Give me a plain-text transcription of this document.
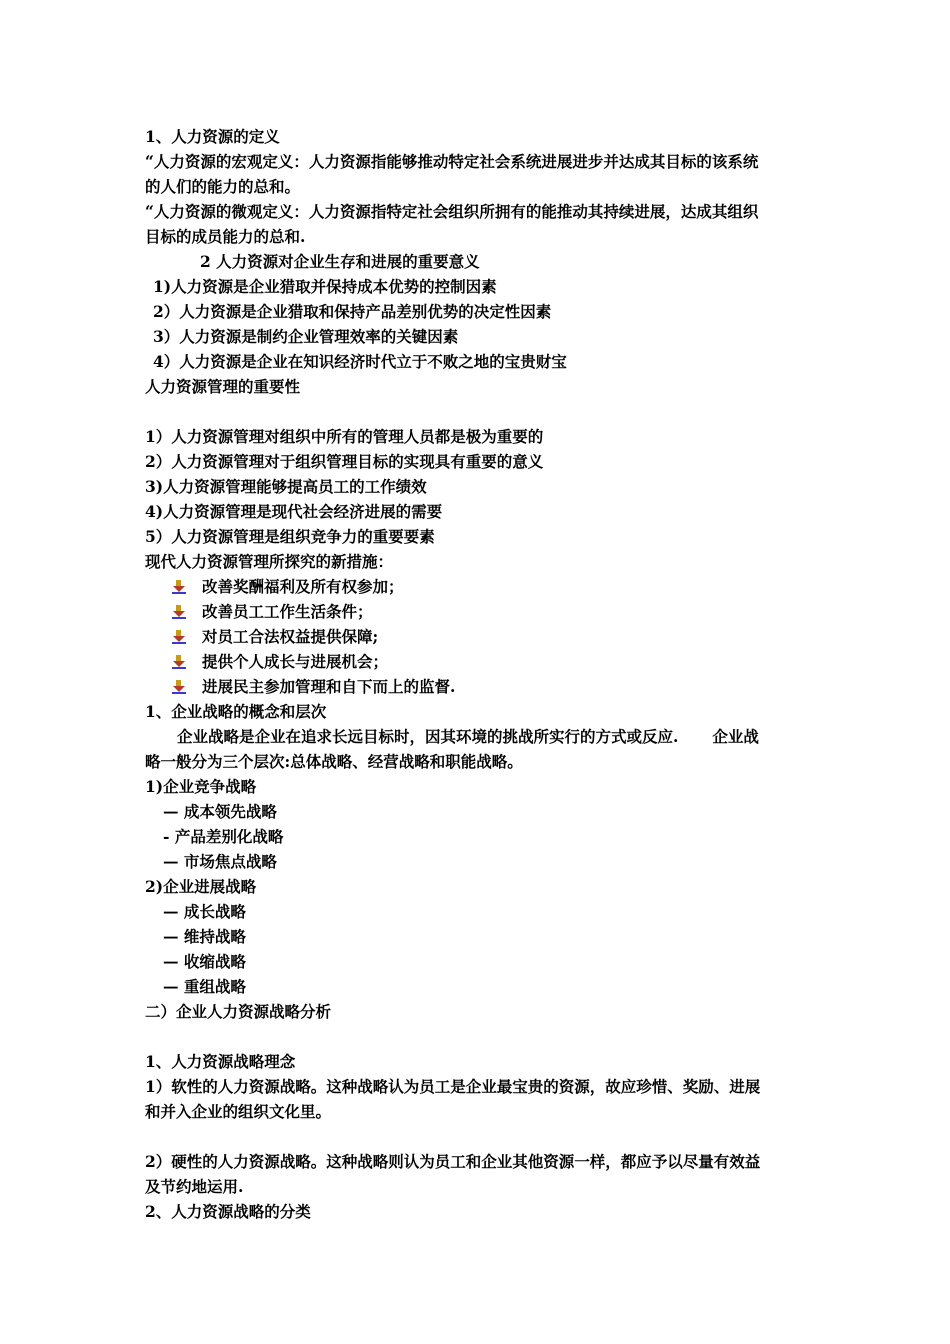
1、人力资源的定义
“人力资源的宏观定义：人力资源指能够推动特定社会系统进展进步并达成其目标的该系统
的人们的能力的总和。
“人力资源的微观定义：人力资源指特定社会组织所拥有的能推动其持续进展，达成其组织
目标的成员能力的总和.
2 人力资源对企业生存和进展的重要意义
1)人力资源是企业猎取并保持成本优势的控制因素
2）人力资源是企业猎取和保持产品差别优势的决定性因素
3）人力资源是制约企业管理效率的关键因素
4）人力资源是企业在知识经济时代立于不败之地的宝贵财宝
人力资源管理的重要性
1）人力资源管理对组织中所有的管理人员都是极为重要的
2）人力资源管理对于组织管理目标的实现具有重要的意义
3)人力资源管理能够提高员工的工作绩效
4)人力资源管理是现代社会经济进展的需要
5）人力资源管理是组织竞争力的重要要素
现代人力资源管理所探究的新措施：
改善奖酬福利及所有权参加；
改善员工工作生活条件；
对员工合法权益提供保障;
提供个人成长与进展机会；
进展民主参加管理和自下而上的监督.
1、企业战略的概念和层次
企业战略是企业在追求长远目标时，因其环境的挑战所实行的方式或反应. 企业战
略一般分为三个层次:总体战略、经营战略和职能战略。
1)企业竞争战略
— 成本领先战略
- 产品差别化战略
— 市场焦点战略
2)企业进展战略
— 成长战略
— 维持战略
— 收缩战略
— 重组战略
二）企业人力资源战略分析
1、人力资源战略理念
1）软性的人力资源战略。这种战略认为员工是企业最宝贵的资源，故应珍惜、奖励、进展
和并入企业的组织文化里。
2）硬性的人力资源战略。这种战略则认为员工和企业其他资源一样，都应予以尽量有效益
及节约地运用.
2、人力资源战略的分类
